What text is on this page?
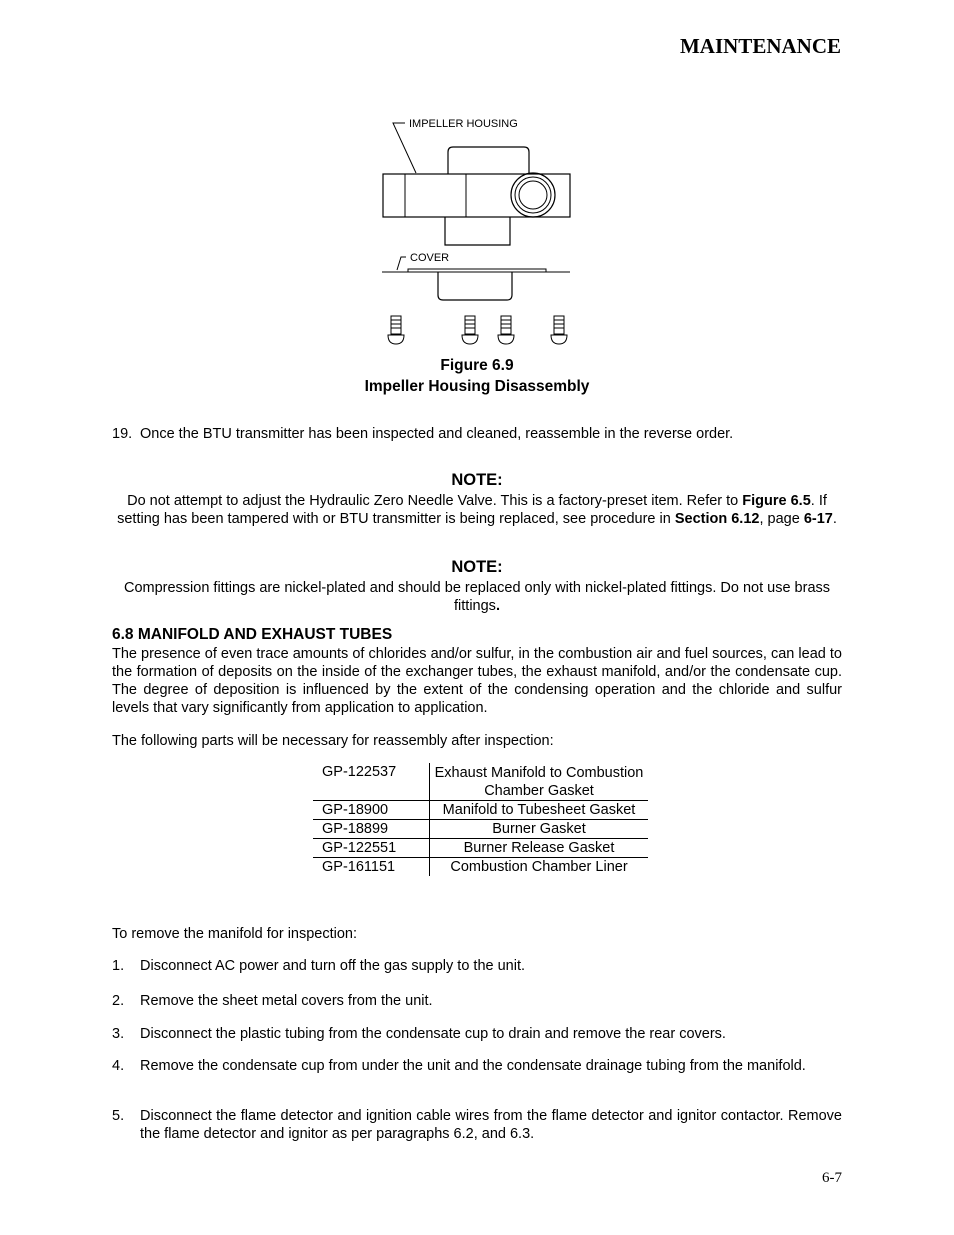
MAINTENANCE
IMPELLER HOUSING
COVER
Figure 6.9
Impeller Housing Disassembly
19. Once the BTU transmitter has been inspected and cleaned, reassemble in the reverse order.
NOTE:
Do not attempt to adjust the Hydraulic Zero Needle Valve. This is a factory-preset item. Refer to Figure 6.5. If setting has been tampered with or BTU transmitter is being replaced, see procedure in Section 6.12, page 6-17.
NOTE:
Compression fittings are nickel-plated and should be replaced only with nickel-plated fittings. Do not use brass fittings.
6.8 MANIFOLD AND EXHAUST TUBES
The presence of even trace amounts of chlorides and/or sulfur, in the combustion air and fuel sources, can lead to the formation of deposits on the inside of the exchanger tubes, the exhaust manifold, and/or the condensate cup. The degree of deposition is influenced by the extent of the condensing operation and the chloride and sulfur levels that vary significantly from application to application.
The following parts will be necessary for reassembly after inspection:
GP-122537	Exhaust Manifold to Combustion Chamber Gasket
GP-18900	Manifold to Tubesheet Gasket
GP-18899	Burner Gasket
GP-122551	Burner Release Gasket
GP-161151	Combustion Chamber Liner
To remove the manifold for inspection:
1.	Disconnect AC power and turn off the gas supply to the unit.
2.	Remove the sheet metal covers from the unit.
3.	Disconnect the plastic tubing from the condensate cup to drain and remove the rear covers.
4.	Remove the condensate cup from under the unit and the condensate drainage tubing from the manifold.
5.	Disconnect the flame detector and ignition cable wires from the flame detector and ignitor contactor. Remove the flame detector and ignitor as per paragraphs 6.2, and 6.3.
6-7
